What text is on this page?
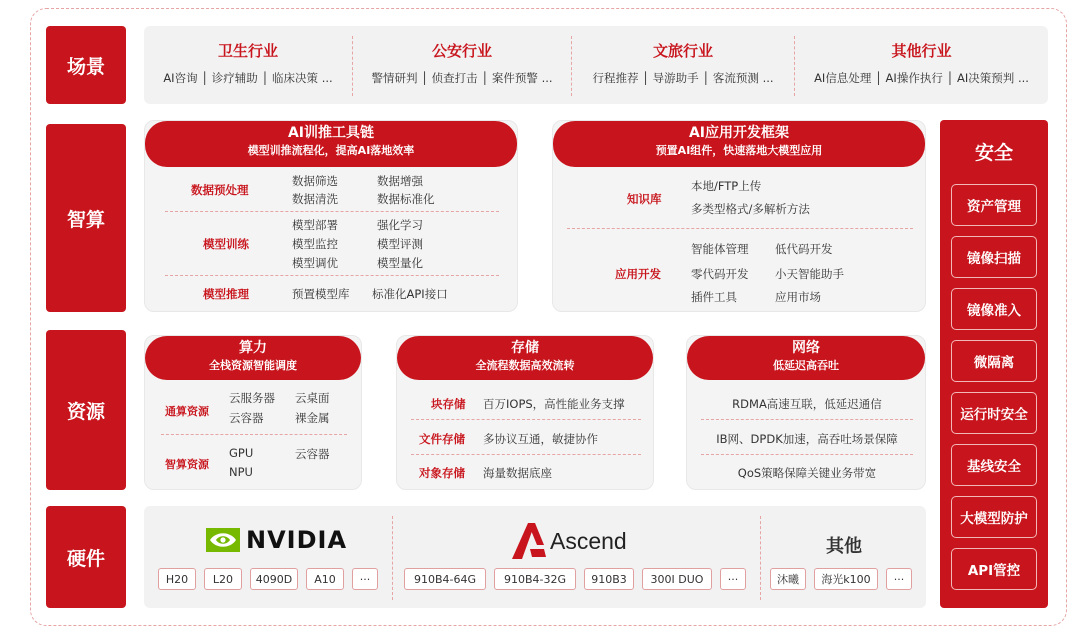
场景
智算
资源
硬件
卫生行业
AI咨询 │ 诊疗辅助 │ 临床决策 ...
公安行业
警情研判 │ 侦查打击 │ 案件预警 ...
文旅行业
行程推荐 │ 导游助手 │ 客流预测 ...
其他行业
AI信息处理 │ AI操作执行 │ AI决策预判 ...
AI训推工具链
模型训推流程化，提高AI落地效率
数据预处理
数据筛选	数据增强
数据清洗	数据标准化
模型训练
模型部署	强化学习
模型监控	模型评测
模型调优	模型量化
模型推理	预置模型库 标准化API接口
AI应用开发框架
预置AI组件，快速落地大模型应用
知识库
本地/FTP上传
多类型格式/多解析方法
应用开发
智能体管理 低代码开发
零代码开发 小天智能助手
插件工具	应用市场
算力
全栈资源智能调度
通算资源
云服务器 云桌面
云容器	裸金属
智算资源
GPU	云容器
NPU
存储
全流程数据高效流转
块存储 百万IOPS，高性能业务支撑
文件存储 多协议互通，敏捷协作
对象存储 海量数据底座
网络
低延迟高吞吐
RDMA高速互联，低延迟通信
IB网、DPDK加速，高吞吐场景保障
QoS策略保障关键业务带宽
NVIDIA	Ascend	其他
H20	L20	4090D	A10	···	910B4-64G	910B4-32G	910B3	300I DUO	···	沐曦	海光k100	···
安全
资产管理
镜像扫描
镜像准入
微隔离
运行时安全
基线安全
大模型防护
API管控
